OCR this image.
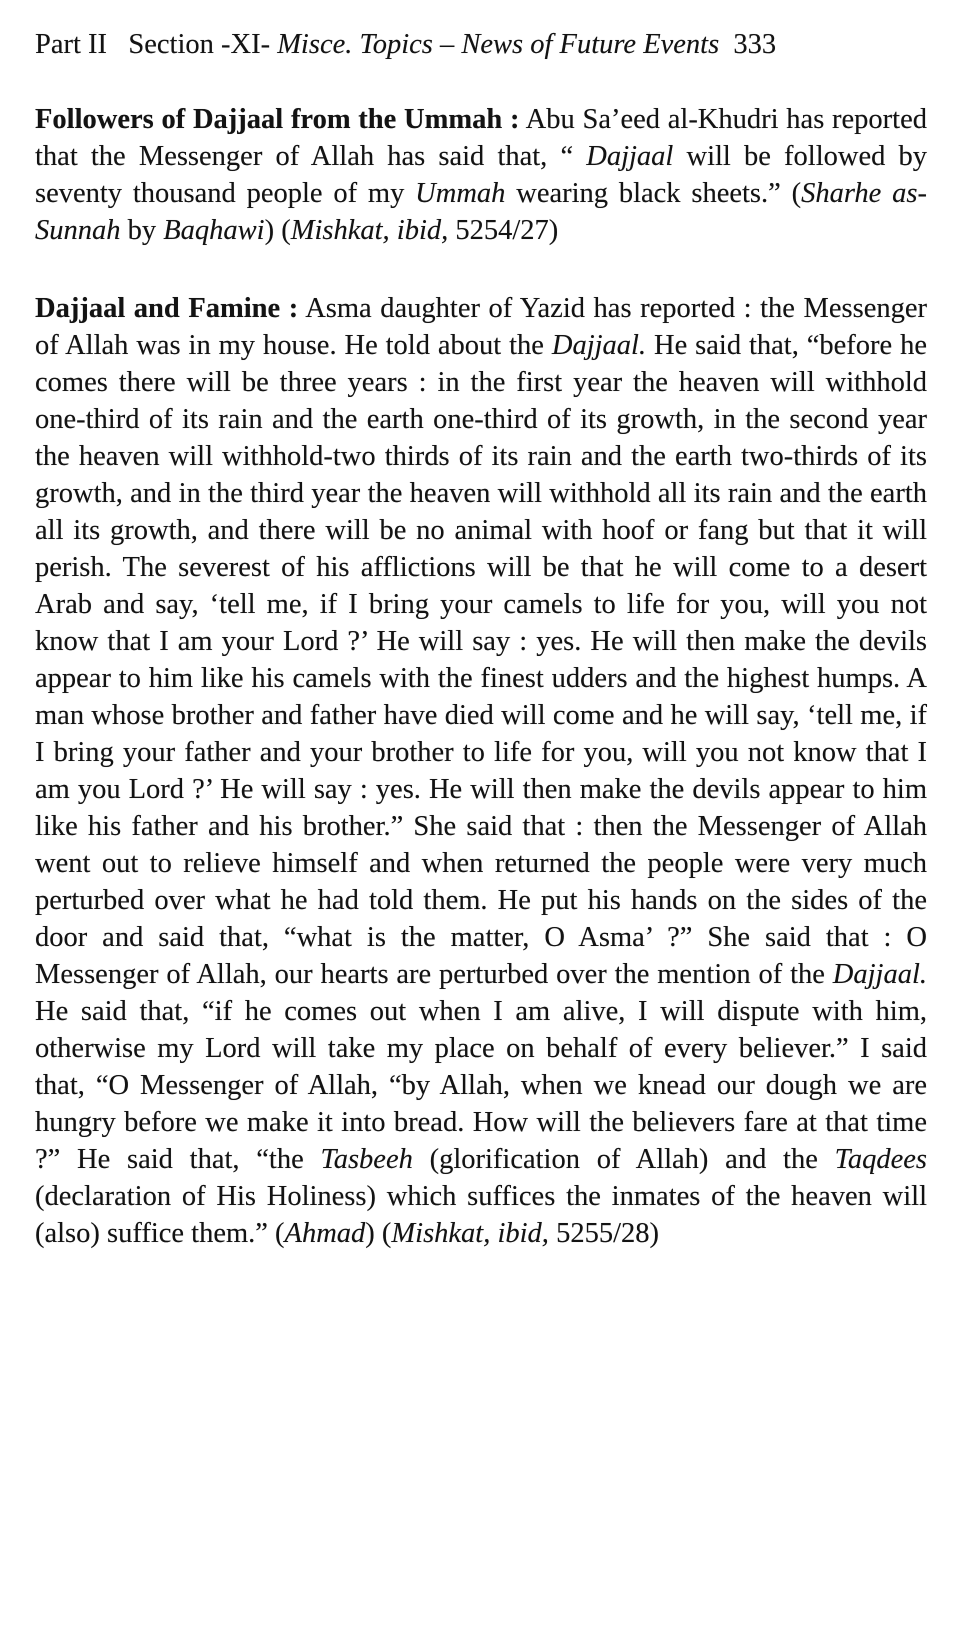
Part II   Section -XI- Misce. Topics – News of Future Events  333

Followers of Dajjaal from the Ummah : Abu Sa’eed al-Khudri has reported that the Messenger of Allah has said that, “ Dajjaal will be followed by seventy thousand people of my Ummah wearing black sheets.” (Sharhe as-Sunnah by Baqhawi) (Mishkat, ibid, 5254/27)

Dajjaal and Famine : Asma daughter of Yazid has reported : the Messenger of Allah was in my house. He told about the Dajjaal. He said that, “before he comes there will be three years : in the first year the heaven will withhold one-third of its rain and the earth one-third of its growth, in the second year the heaven will withhold-two thirds of its rain and the earth two-thirds of its growth, and in the third year the heaven will withhold all its rain and the earth all its growth, and there will be no animal with hoof or fang but that it will perish. The severest of his afflictions will be that he will come to a desert Arab and say, ‘tell me, if I bring your camels to life for you, will you not know that I am your Lord ?’ He will say : yes. He will then make the devils appear to him like his camels with the finest udders and the highest humps. A man whose brother and father have died will come and he will say, ‘tell me, if I bring your father and your brother to life for you, will you not know that I am you Lord ?’ He will say : yes. He will then make the devils appear to him like his father and his brother.” She said that : then the Messenger of Allah went out to relieve himself and when returned the people were very much perturbed over what he had told them. He put his hands on the sides of the door and said that, “what is the matter, O Asma’ ?” She said that : O Messenger of Allah, our hearts are perturbed over the mention of the Dajjaal. He said that, “if he comes out when I am alive, I will dispute with him, otherwise my Lord will take my place on behalf of every believer.” I said that, “O Messenger of Allah, “by Allah, when we knead our dough we are hungry before we make it into bread. How will the believers fare at that time ?” He said that, “the Tasbeeh (glorification of Allah) and the Taqdees (declaration of His Holiness) which suffices the inmates of the heaven will (also) suffice them.” (Ahmad) (Mishkat, ibid, 5255/28)
